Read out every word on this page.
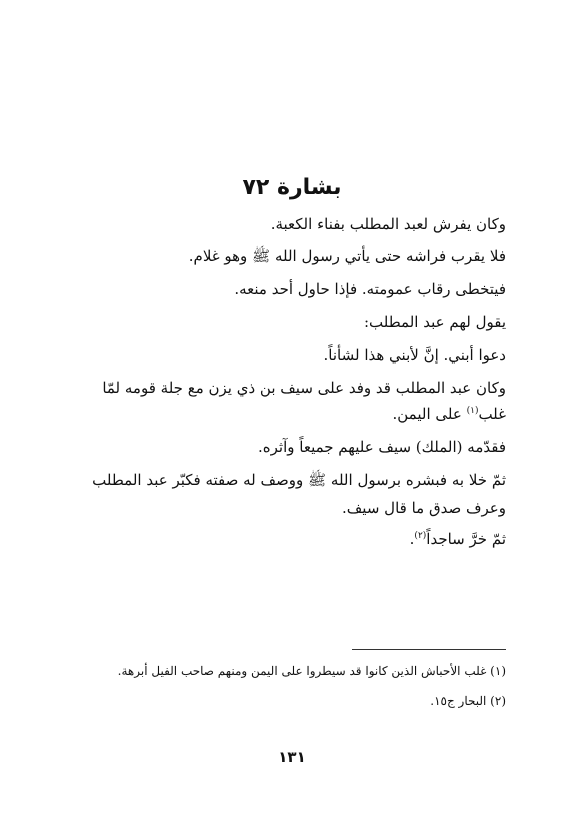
بشارة ٧٢
وكان يفرش لعبد المطلب بفناء الكعبة.
فلا يقرب فراشه حتى يأتي رسول الله ﷺ وهو غلام.
فيتخطى رقاب عمومته. فإذا حاول أحد منعه.
يقول لهم عبد المطلب:
دعوا أبني. إنَّ لأبني هذا لشأناً.
وكان عبد المطلب قد وفد على سيف بن ذي يزن مع جلة قومه لمّا
غلب$^{(١)}$ على اليمن.
فقدّمه (الملك) سيف عليهم جميعاً وآثره.
ثمّ خلا به فبشره برسول الله ﷺ ووصف له صفته فكبّر عبد المطلب
وعرف صدق ما قال سيف.
ثمّ خرَّ ساجداً$^{(٢)}$.
(١) غلب الأحباش الذين كانوا قد سيطروا على اليمن ومنهم صاحب الفيل أبرهة.
(٢) البحار ج١٥.
١٣١
